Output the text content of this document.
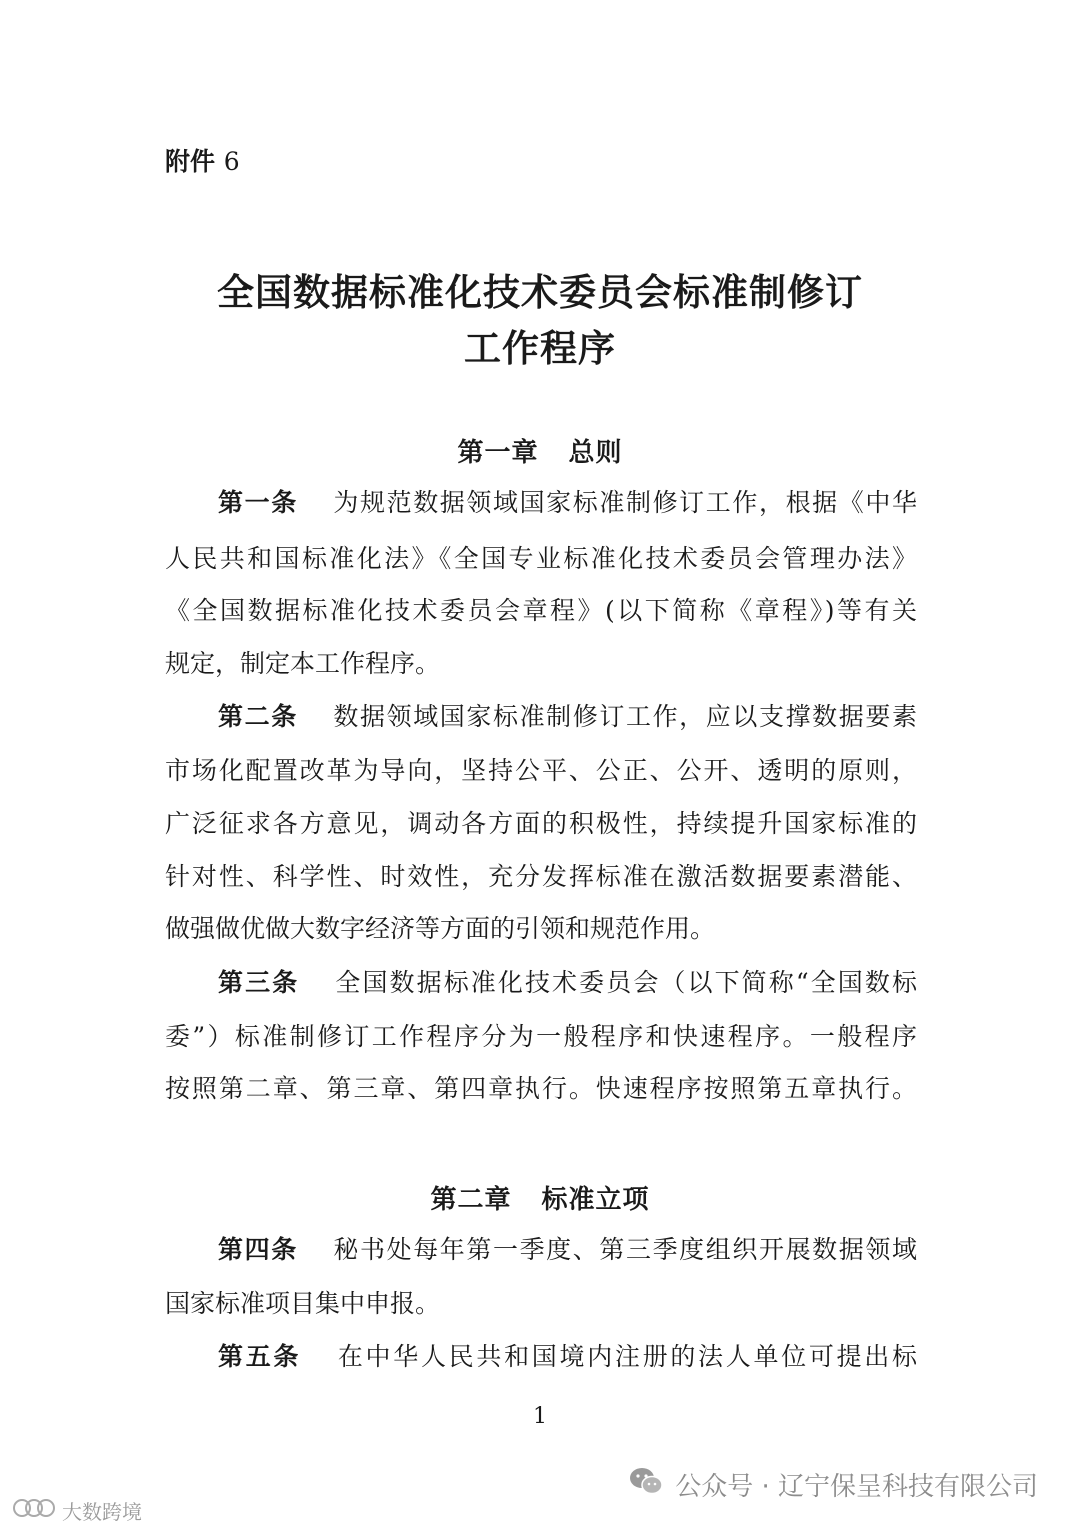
附件 6
全国数据标准化技术委员会标准制修订
工作程序
第一章 总则
第一条 为规范数据领域国家标准制修订工作，根据《中华
人民共和国标准化法》《全国专业标准化技术委员会管理办法》
《全国数据标准化技术委员会章程》(以下简称《章程》)等有关
规定，制定本工作程序。
第二条 数据领域国家标准制修订工作，应以支撑数据要素
市场化配置改革为导向，坚持公平、公正、公开、透明的原则，
广泛征求各方意见，调动各方面的积极性，持续提升国家标准的
针对性、科学性、时效性，充分发挥标准在激活数据要素潜能、
做强做优做大数字经济等方面的引领和规范作用。
第三条 全国数据标准化技术委员会（以下简称“全国数标
委”）标准制修订工作程序分为一般程序和快速程序。一般程序
按照第二章、第三章、第四章执行。快速程序按照第五章执行。
第二章 标准立项
第四条 秘书处每年第一季度、第三季度组织开展数据领域
国家标准项目集中申报。
第五条 在中华人民共和国境内注册的法人单位可提出标
1
公众号 · 辽宁保呈科技有限公司
大数跨境
